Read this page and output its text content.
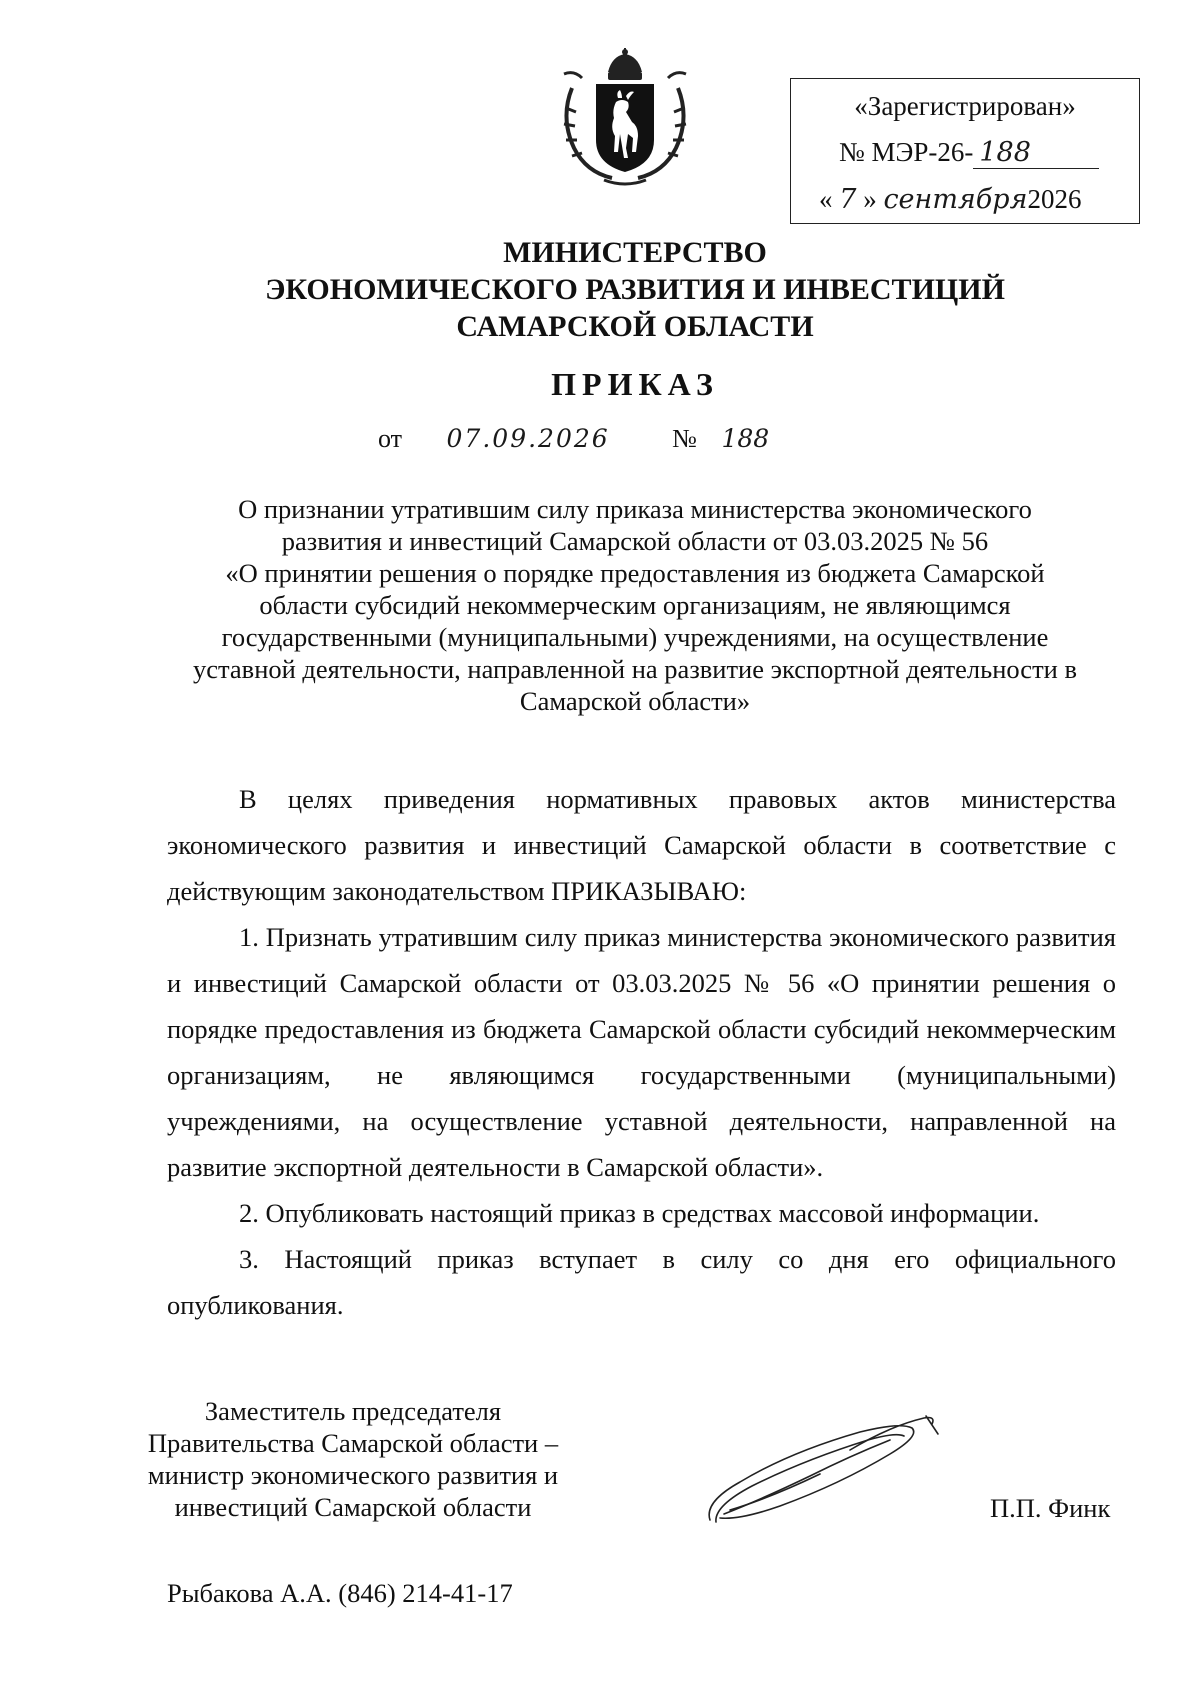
«Зарегистрирован»
№ МЭР-26- 188
« 7 » сентября2026
МИНИСТЕРСТВО
ЭКОНОМИЧЕСКОГО РАЗВИТИЯ И ИНВЕСТИЦИЙ
САМАРСКОЙ ОБЛАСТИ
ПРИКАЗ
от 07.09.2026 № 188
О признании утратившим силу приказа министерства экономического
развития и инвестиций Самарской области от 03.03.2025 № 56
«О принятии решения о порядке предоставления из бюджета Самарской
области субсидий некоммерческим организациям, не являющимся
государственными (муниципальными) учреждениями, на осуществление
уставной деятельности, направленной на развитие экспортной деятельности в
Самарской области»

В целях приведения нормативных правовых актов министерства экономического развития и инвестиций Самарской области в соответствие с действующим законодательством ПРИКАЗЫВАЮ:

1. Признать утратившим силу приказ министерства экономического развития и инвестиций Самарской области от 03.03.2025 № 56 «О принятии решения о порядке предоставления из бюджета Самарской области субсидий некоммерческим организациям, не являющимся государственными (муниципальными) учреждениями, на осуществление уставной деятельности, направленной на развитие экспортной деятельности в Самарской области».

2. Опубликовать настоящий приказ в средствах массовой информации.

3. Настоящий приказ вступает в силу со дня его официального опубликования.

Заместитель председателя
Правительства Самарской области –
министр экономического развития и
инвестиций Самарской области	П.П. Финк
Рыбакова А.А. (846) 214-41-17
